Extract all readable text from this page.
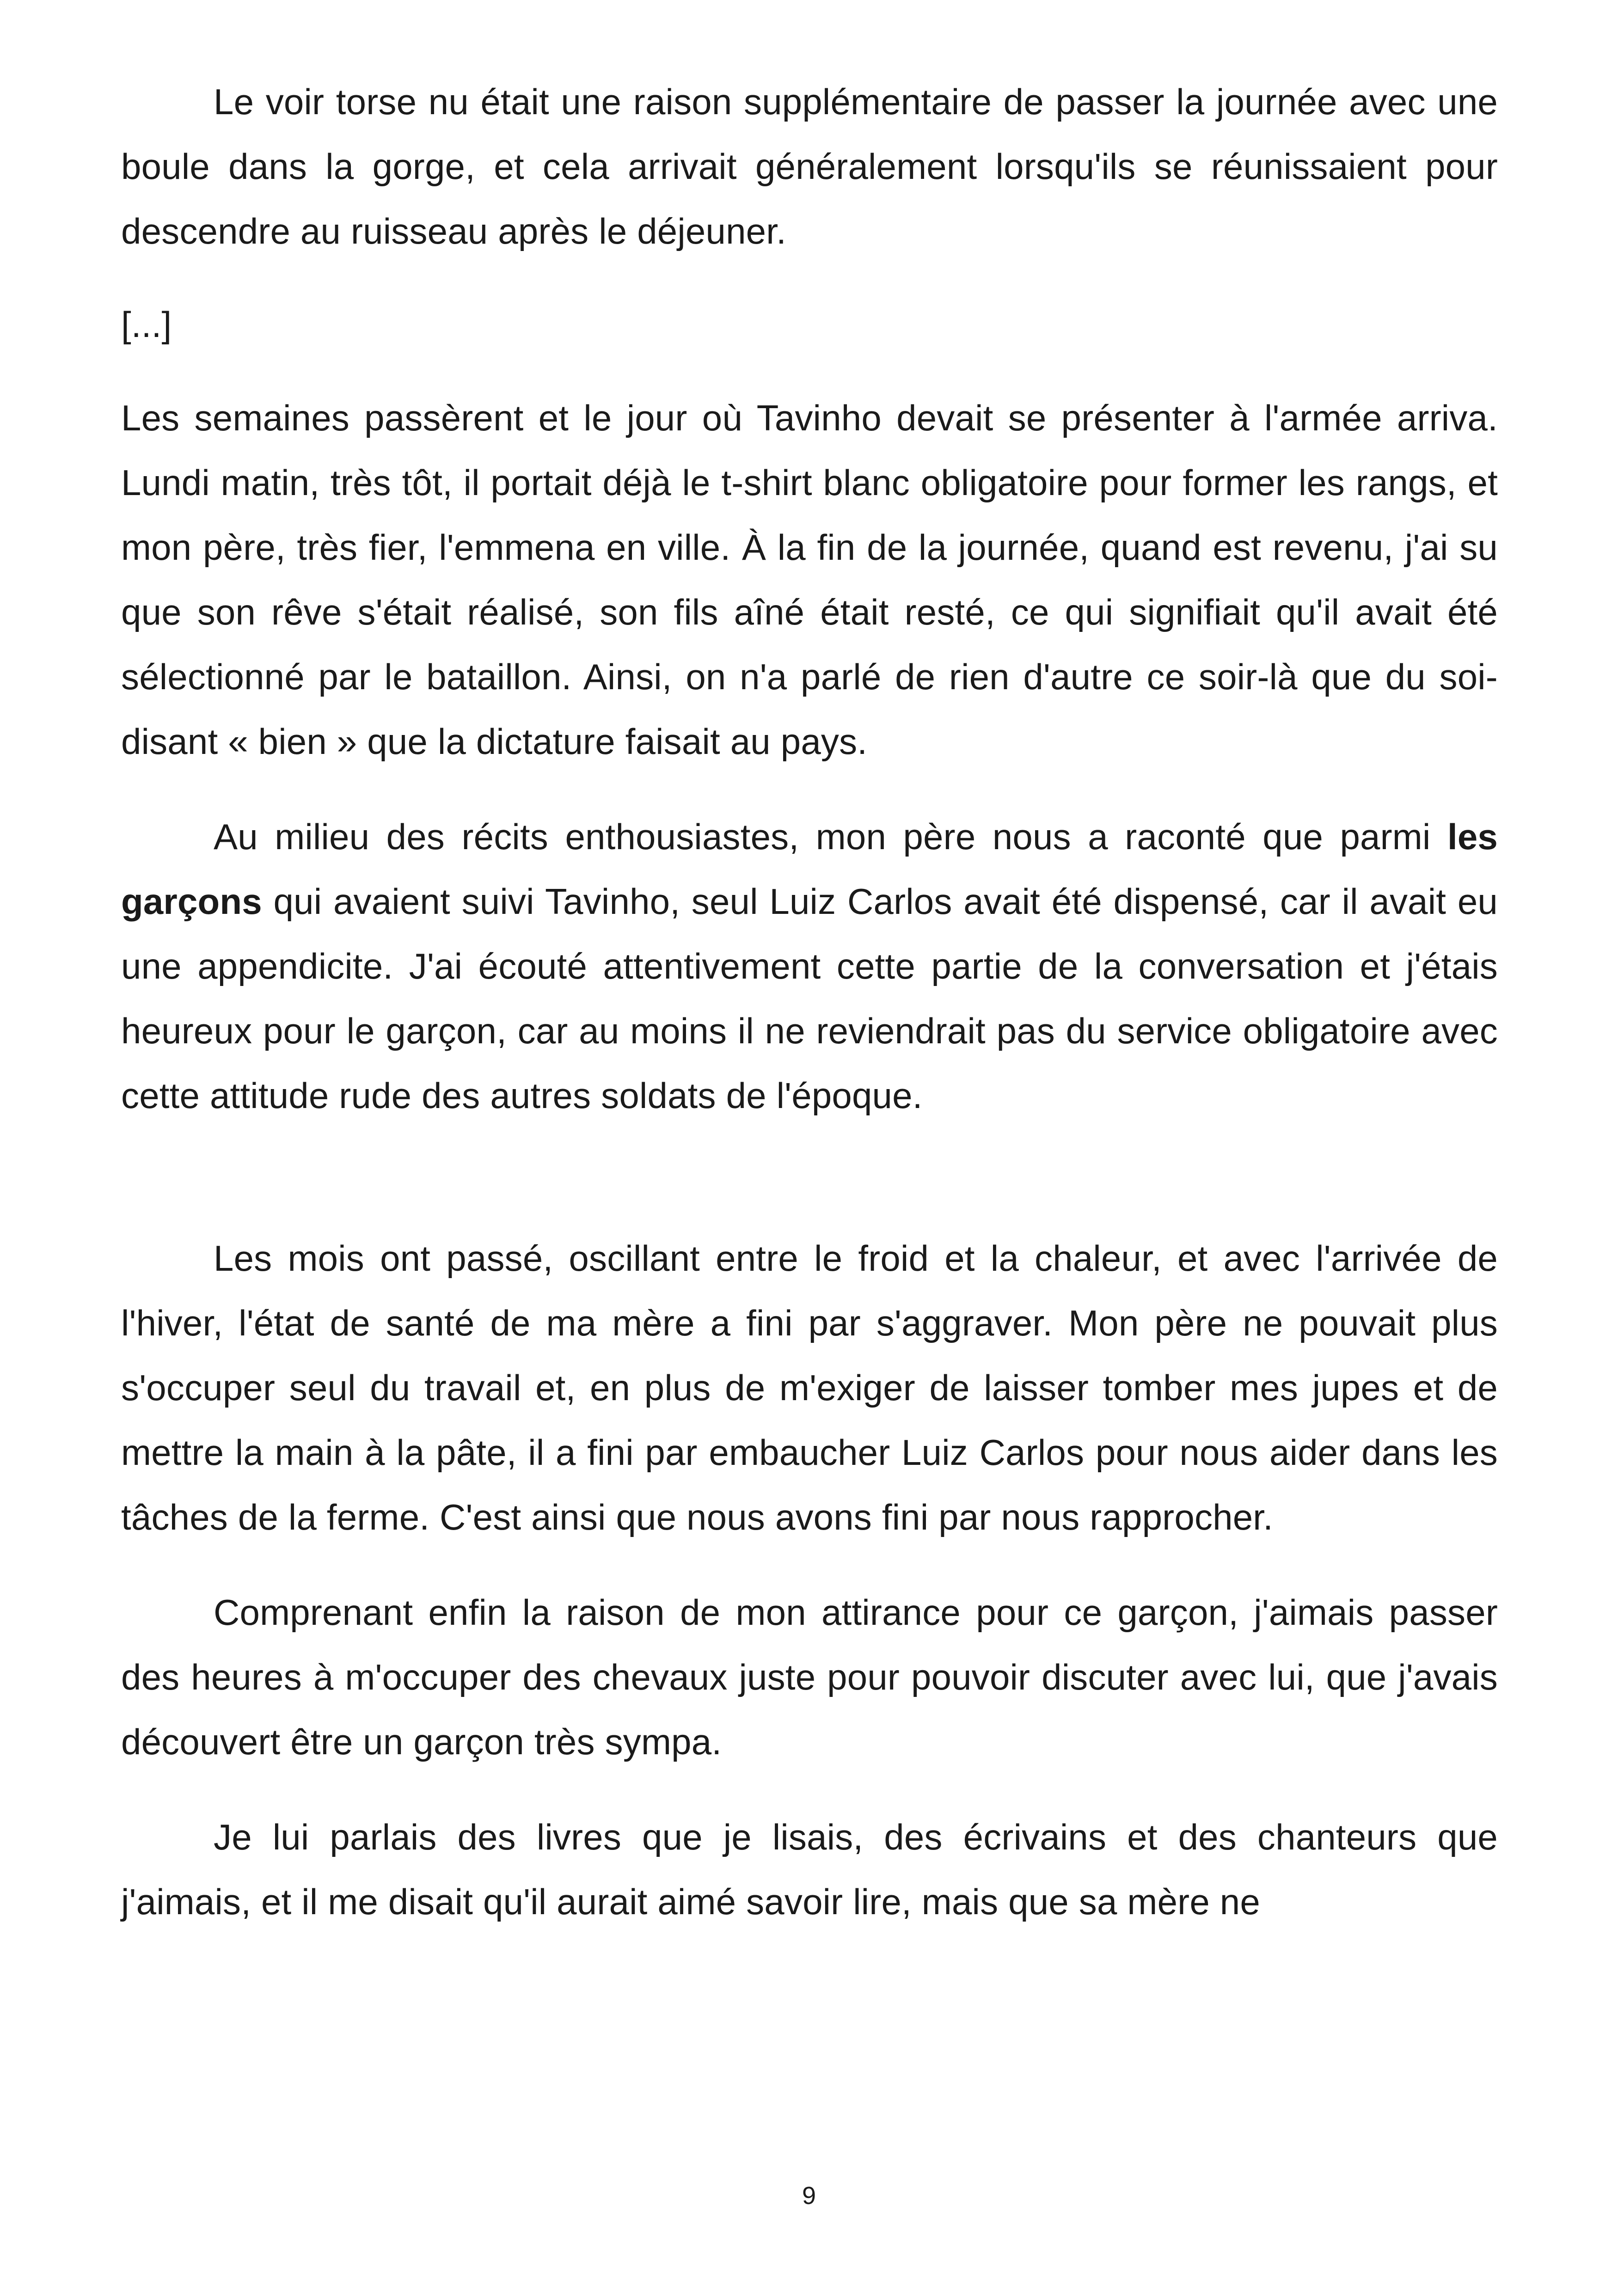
Le voir torse nu était une raison supplémentaire de passer la journée avec une boule dans la gorge, et cela arrivait généralement lorsqu'ils se réunissaient pour descendre au ruisseau après le déjeuner.

[...]

Les semaines passèrent et le jour où Tavinho devait se présenter à l'armée arriva. Lundi matin, très tôt, il portait déjà le t-shirt blanc obligatoire pour former les rangs, et mon père, très fier, l'emmena en ville. À la fin de la journée, quand est revenu, j'ai su que son rêve s'était réalisé, son fils aîné était resté, ce qui signifiait qu'il avait été sélectionné par le bataillon. Ainsi, on n'a parlé de rien d'autre ce soir-là que du soi-disant « bien » que la dictature faisait au pays.

Au milieu des récits enthousiastes, mon père nous a raconté que parmi les garçons qui avaient suivi Tavinho, seul Luiz Carlos avait été dispensé, car il avait eu une appendicite. J'ai écouté attentivement cette partie de la conversation et j'étais heureux pour le garçon, car au moins il ne reviendrait pas du service obligatoire avec cette attitude rude des autres soldats de l'époque.

Les mois ont passé, oscillant entre le froid et la chaleur, et avec l'arrivée de l'hiver, l'état de santé de ma mère a fini par s'aggraver. Mon père ne pouvait plus s'occuper seul du travail et, en plus de m'exiger de laisser tomber mes jupes et de mettre la main à la pâte, il a fini par embaucher Luiz Carlos pour nous aider dans les tâches de la ferme. C'est ainsi que nous avons fini par nous rapprocher.

Comprenant enfin la raison de mon attirance pour ce garçon, j'aimais passer des heures à m'occuper des chevaux juste pour pouvoir discuter avec lui, que j'avais découvert être un garçon très sympa.

Je lui parlais des livres que je lisais, des écrivains et des chanteurs que j'aimais, et il me disait qu'il aurait aimé savoir lire, mais que sa mère ne

9
